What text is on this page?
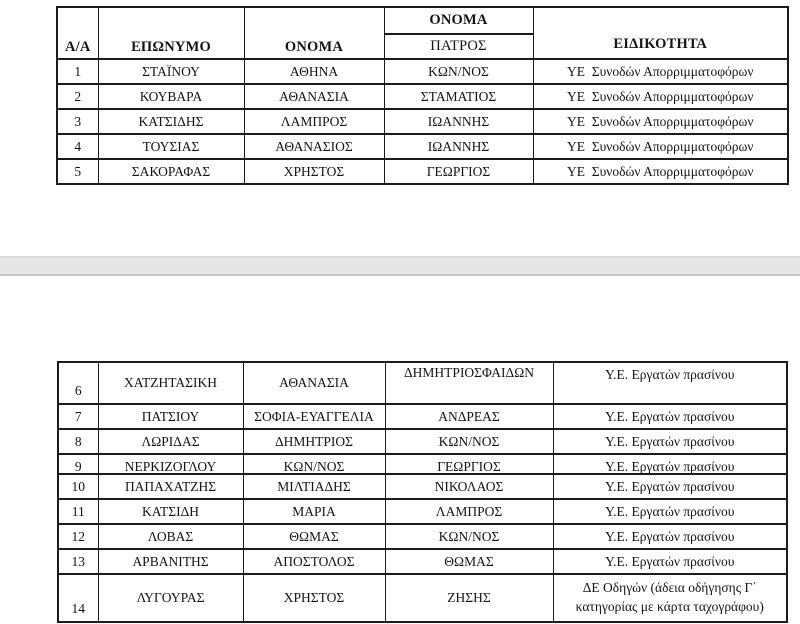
Α/Α	ΕΠΩΝΥΜΟ	ΟΝΟΜΑ	ΟΝΟΜΑ	ΕΙΔΙΚΟΤΗΤΑ
			ΠΑΤΡΟΣ	
1	ΣΤΑΪΝΟΥ	ΑΘΗΝΑ	ΚΩΝ/ΝΟΣ	ΥΕ  Συνοδών Απορριμματοφόρων
2	ΚΟΥΒΑΡΑ	ΑΘΑΝΑΣΙΑ	ΣΤΑΜΑΤΙΟΣ	ΥΕ  Συνοδών Απορριμματοφόρων
3	ΚΑΤΣΙΔΗΣ	ΛΑΜΠΡΟΣ	ΙΩΑΝΝΗΣ	ΥΕ  Συνοδών Απορριμματοφόρων
4	ΤΟΥΣΙΑΣ	ΑΘΑΝΑΣΙΟΣ	ΙΩΑΝΝΗΣ	ΥΕ  Συνοδών Απορριμματοφόρων
5	ΣΑΚΟΡΑΦΑΣ	ΧΡΗΣΤΟΣ	ΓΕΩΡΓΙΟΣ	ΥΕ  Συνοδών Απορριμματοφόρων
6	ΧΑΤΖΗΤΑΣΙΚΗ	ΑΘΑΝΑΣΙΑ	ΔΗΜΗΤΡΙΟΣΦΑΙΔΩΝ	Υ.Ε. Εργατών πρασίνου
7	ΠΑΤΣΙΟΥ	ΣΟΦΙΑ-ΕΥΑΓΓΕΛΙΑ	ΑΝΔΡΕΑΣ	Υ.Ε. Εργατών πρασίνου
8	ΛΩΡΙΔΑΣ	ΔΗΜΗΤΡΙΟΣ	ΚΩΝ/ΝΟΣ	Υ.Ε. Εργατών πρασίνου
9	ΝΕΡΚΙΖΟΓΛΟΥ	ΚΩΝ/ΝΟΣ	ΓΕΩΡΓΙΟΣ	Υ.Ε. Εργατών πρασίνου
10	ΠΑΠΑΧΑΤΖΗΣ	ΜΙΛΤΙΑΔΗΣ	ΝΙΚΟΛΑΟΣ	Υ.Ε. Εργατών πρασίνου
11	ΚΑΤΣΙΔΗ	ΜΑΡΙΑ	ΛΑΜΠΡΟΣ	Υ.Ε. Εργατών πρασίνου
12	ΛΟΒΑΣ	ΘΩΜΑΣ	ΚΩΝ/ΝΟΣ	Υ.Ε. Εργατών πρασίνου
13	ΑΡΒΑΝΙΤΗΣ	ΑΠΟΣΤΟΛΟΣ	ΘΩΜΑΣ	Υ.Ε. Εργατών πρασίνου
14	ΛΥΓΟΥΡΑΣ	ΧΡΗΣΤΟΣ	ΖΗΣΗΣ	ΔΕ Οδηγών (άδεια οδήγησης Γ΄ κατηγορίας με κάρτα ταχογράφου)
